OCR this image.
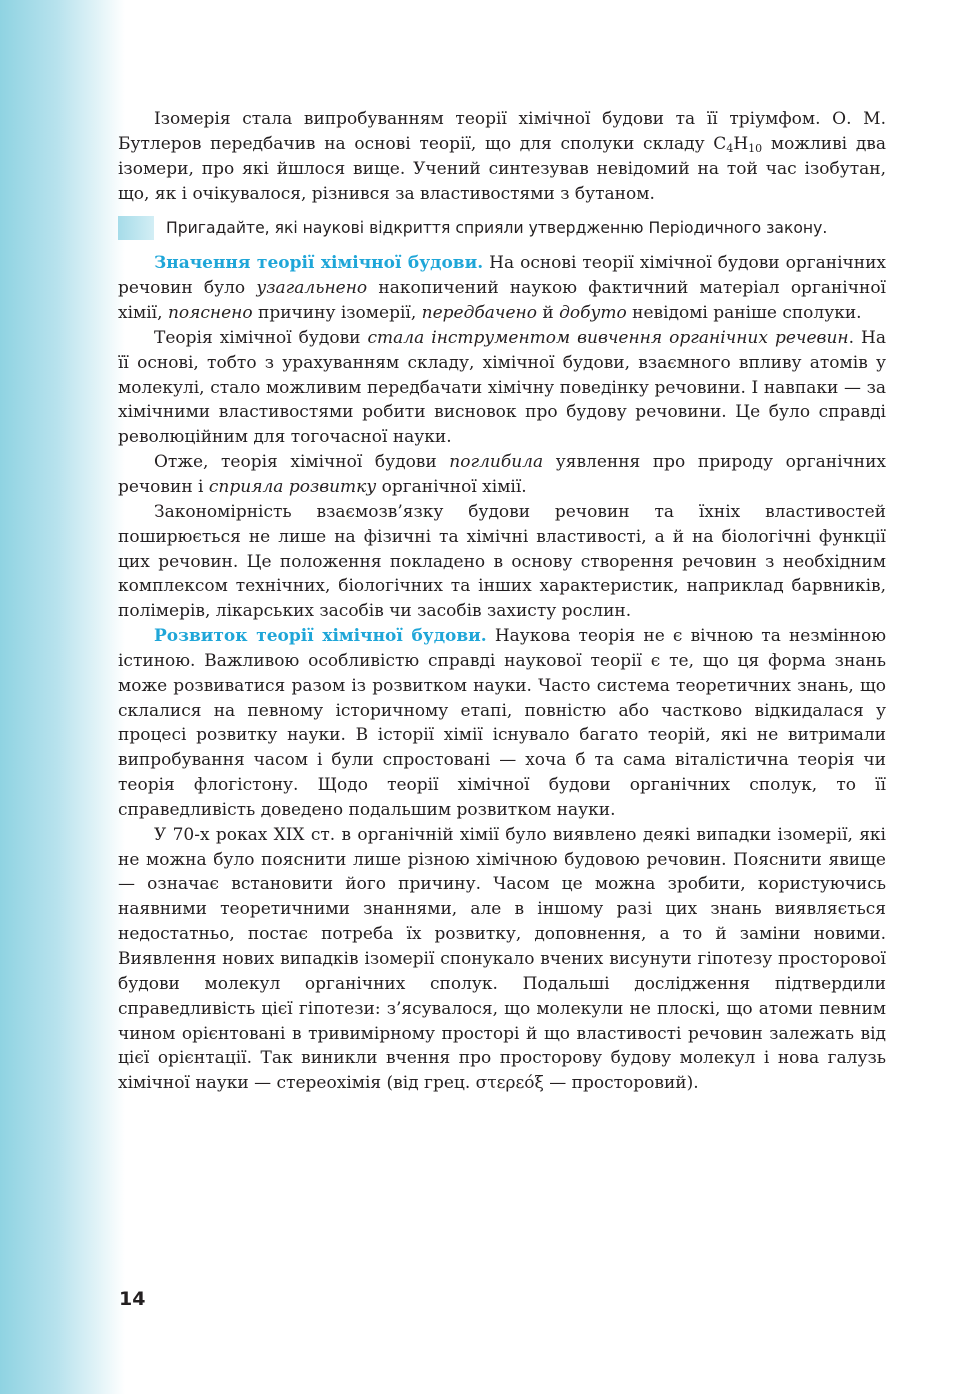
Ізомерія стала випробуванням теорії хімічної будови та її тріумфом. О. М. Бутлеров передбачив на основі теорії, що для сполуки складу $C_4H_{10}$ можливі два ізомери, про які йшлося вище. Учений синтезував невідомий на той час ізобутан, що, як і очікувалося, різнився за властивостями з бутаном.

Пригадайте, які наукові відкриття сприяли утвердженню Періодичного закону.

Значення теорії хімічної будови. На основі теорії хімічної будови органічних речовин було узагальнено накопичений наукою фактичний матеріал органічної хімії, пояснено причину ізомерії, передбачено й добуто невідомі раніше сполуки.

Теорія хімічної будови стала інструментом вивчення органічних речевин. На її основі, тобто з урахуванням складу, хімічної будови, взаємного впливу атомів у молекулі, стало можливим передбачати хімічну поведінку речовини. І навпаки — за хімічними властивостями робити висновок про будову речовини. Це було справді революційним для тогочасної науки.

Отже, теорія хімічної будови поглибила уявлення про природу органічних речовин і сприяла розвитку органічної хімії.

Закономірність взаємозв’язку будови речовин та їхніх властивостей поширюється не лише на фізичні та хімічні властивості, а й на біологічні функції цих речовин. Це положення покладено в основу створення речовин з необхідним комплексом технічних, біологічних та інших характеристик, наприклад барвників, полімерів, лікарських засобів чи засобів захисту рослин.

Розвиток теорії хімічної будови. Наукова теорія не є вічною та незмінною істиною. Важливою особливістю справді наукової теорії є те, що ця форма знань може розвиватися разом із розвитком науки. Часто система теоретичних знань, що склалися на певному історичному етапі, повністю або частково відкидалася у процесі розвитку науки. В історії хімії існувало багато теорій, які не витримали випробування часом і були спростовані — хоча б та сама віталістична теорія чи теорія флогістону. Щодо теорії хімічної будови органічних сполук, то її справедливість доведено подальшим розвитком науки.

У 70-х роках XIX ст. в органічній хімії було виявлено деякі випадки ізомерії, які не можна було пояснити лише різною хімічною будовою речовин. Пояснити явище — означає встановити його причину. Часом це можна зробити, користуючись наявними теоретичними знаннями, але в іншому разі цих знань виявляється недостатньо, постає потреба їх розвитку, доповнення, а то й заміни новими. Виявлення нових випадків ізомерії спонукало вчених висунути гіпотезу просторової будови молекул органічних сполук. Подальші дослідження підтвердили справедливість цієї гіпотези: з’ясувалося, що молекули не плоскі, що атоми певним чином орієнтовані в тривимірному просторі й що властивості речовин залежать від цієї орієнтації. Так виникли вчення про просторову будову молекул і нова галузь хімічної науки — стереохімія (від грец. στερεόξ — просторовий).

14
